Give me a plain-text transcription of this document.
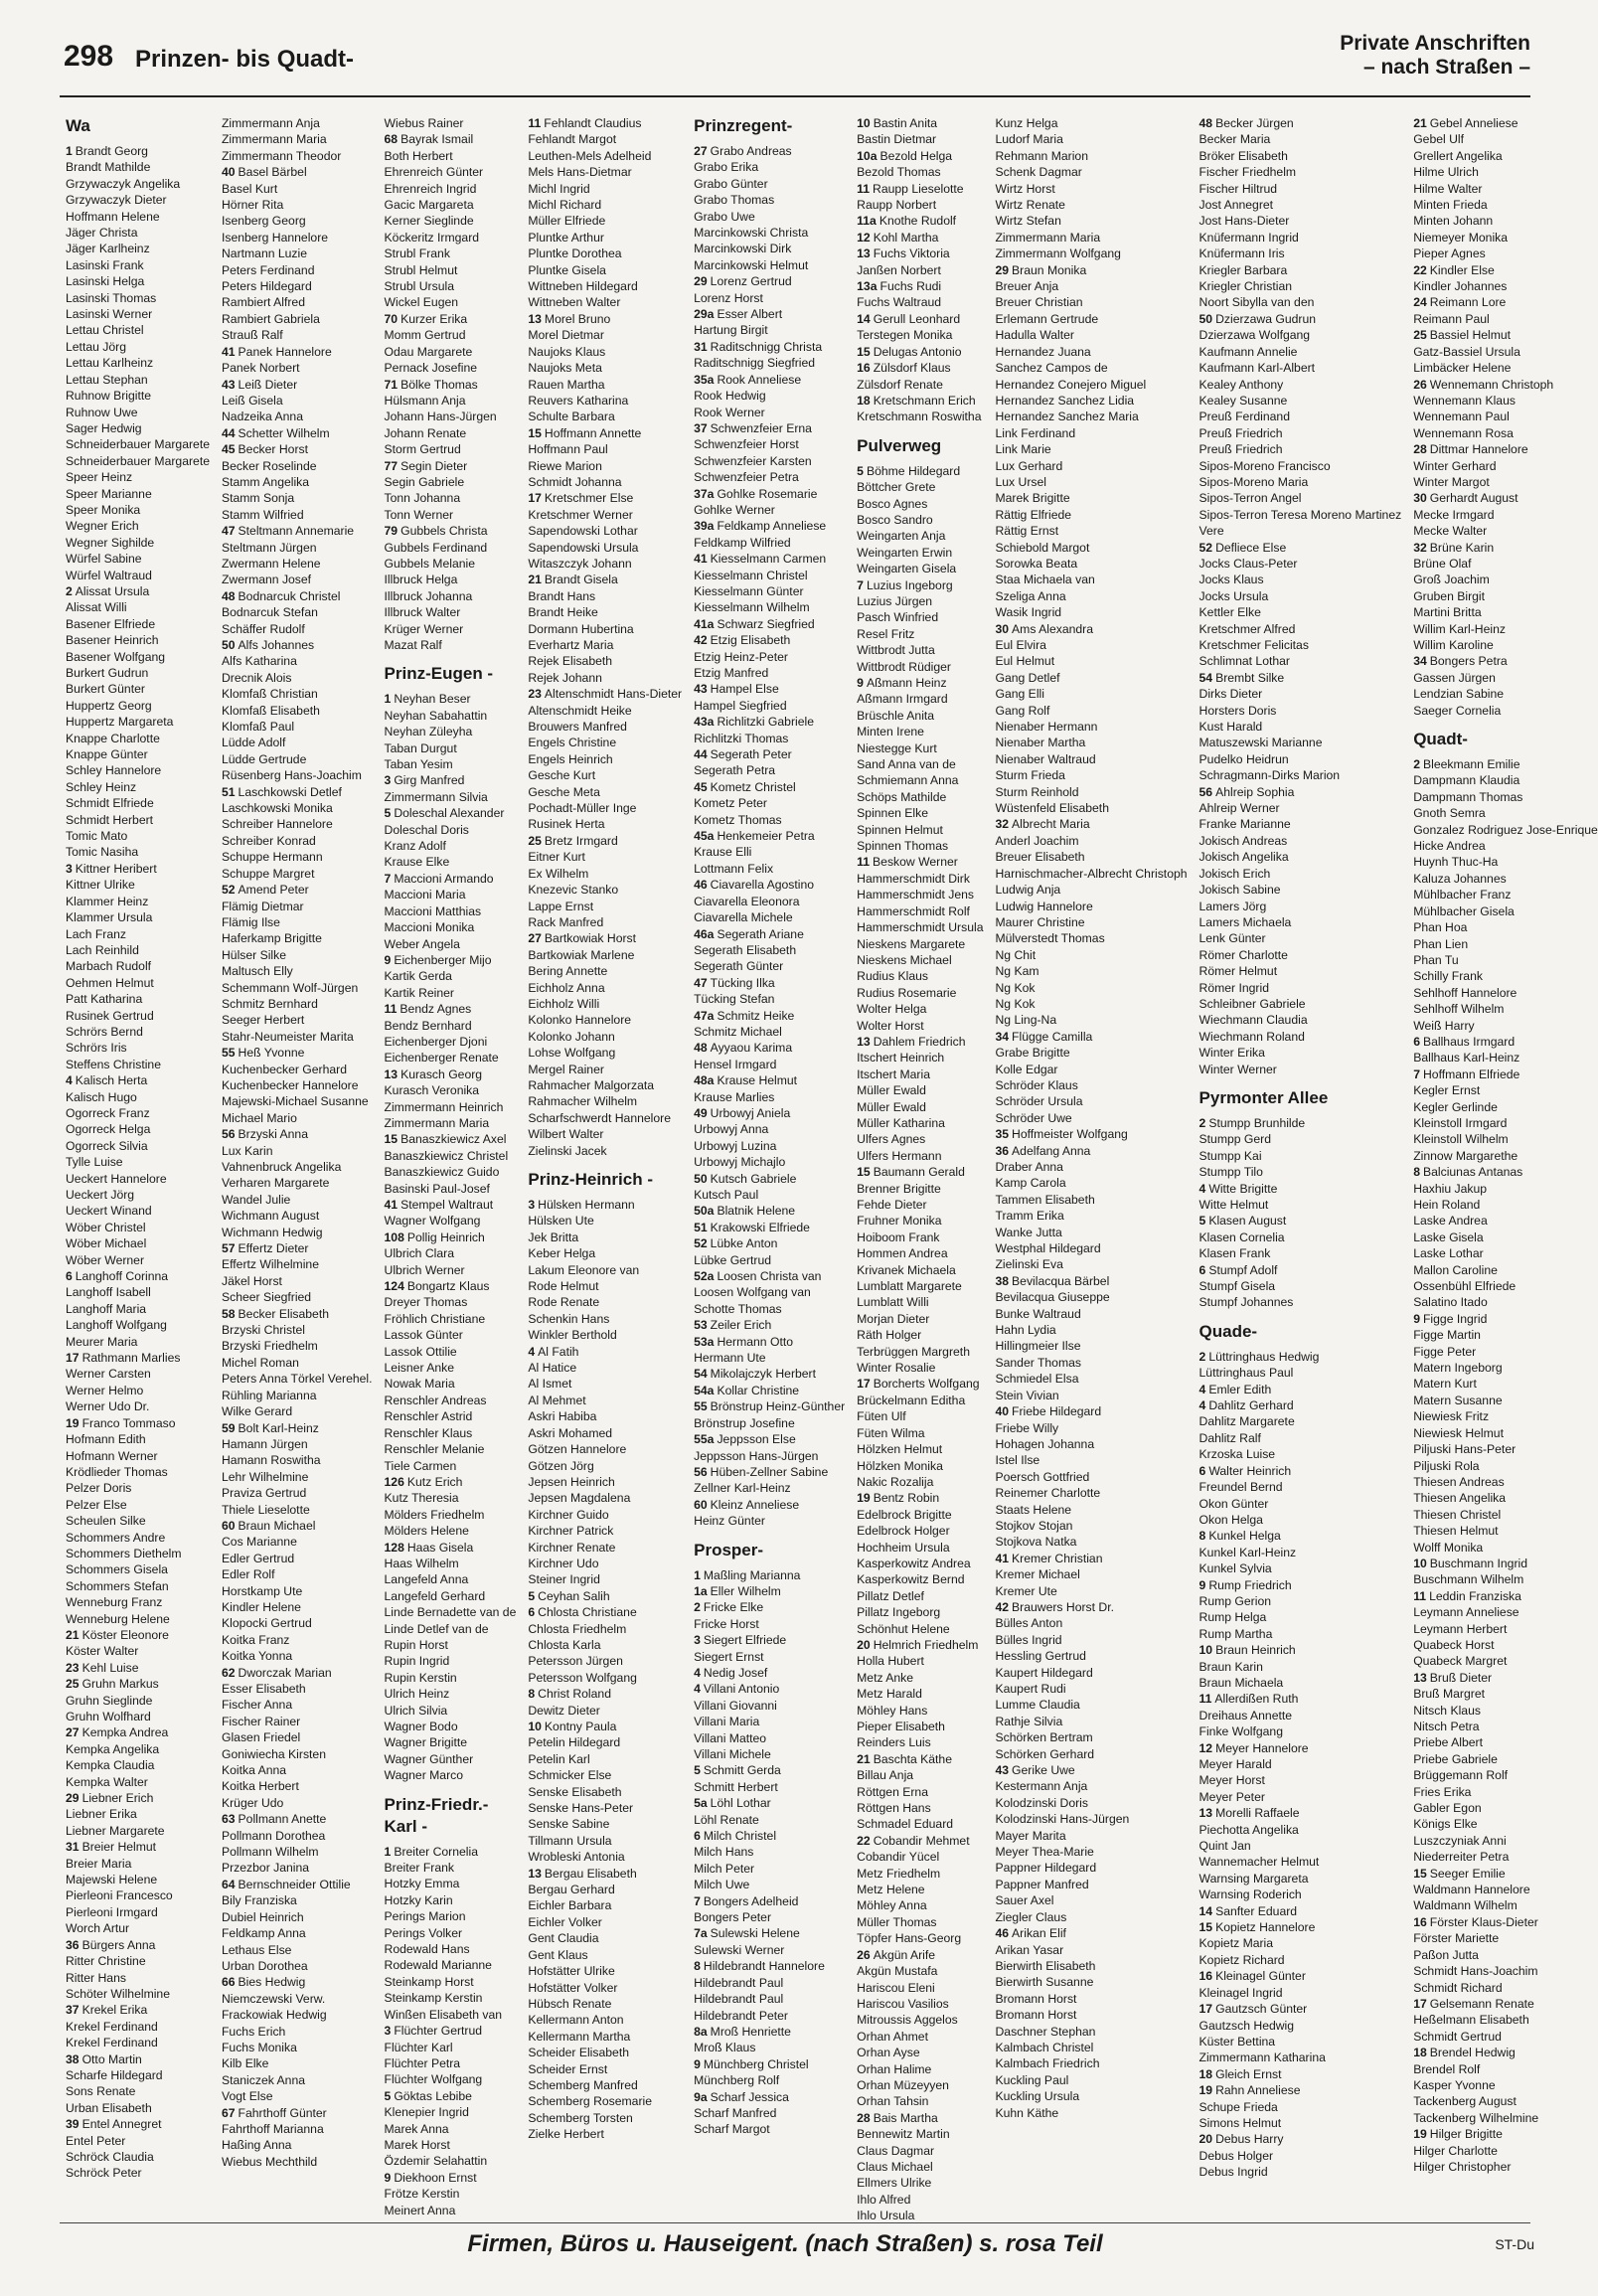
298 Prinzen- bis Quadt-
Private Anschriften
– nach Straßen –
Wa
1 Brandt Georg
Brandt Mathilde
Grzywaczyk Angelika
Grzywaczyk Dieter
Hoffmann Helene
Jäger Christa
Jäger Karlheinz
Lasinski Frank
Lasinski Helga
Lasinski Thomas
Lasinski Werner
Lettau Christel
Lettau Jörg
Lettau Karlheinz
Lettau Stephan
Ruhnow Brigitte
Ruhnow Uwe
Sager Hedwig
Schneiderbauer Margarete
Schneiderbauer Margarete
Speer Heinz
Speer Marianne
Speer Monika
Wegner Erich
Wegner Sighilde
Würfel Sabine
Würfel Waltraud
2 Alissat Ursula
Alissat Willi
Basener Elfriede
Basener Heinrich
Basener Wolfgang
Burkert Gudrun
Burkert Günter
Huppertz Georg
Huppertz Margareta
Knappe Charlotte
Knappe Günter
Schley Hannelore
Schley Heinz
Schmidt Elfriede
Schmidt Herbert
Tomic Mato
Tomic Nasiha
3 Kittner Heribert
Kittner Ulrike
Klammer Heinz
Klammer Ursula
Lach Franz
Lach Reinhild
Marbach Rudolf
Oehmen Helmut
Patt Katharina
Rusinek Gertrud
Schrörs Bernd
Schrörs Iris
Steffens Christine
4 Kalisch Herta
Kalisch Hugo
Ogorreck Franz
Ogorreck Helga
Ogorreck Silvia
Tylle Luise
Ueckert Hannelore
Ueckert Jörg
Ueckert Winand
Wöber Christel
Wöber Michael
Wöber Werner
6 Langhoff Corinna
Langhoff Isabell
Langhoff Maria
Langhoff Wolfgang
Meurer Maria
17 Rathmann Marlies
Werner Carsten
Werner Helmo
Werner Udo Dr.
19 Franco Tommaso
Hofmann Edith
Hofmann Werner
Krödlieder Thomas
Pelzer Doris
Pelzer Else
Scheulen Silke
Schommers Andre
Schommers Diethelm
Schommers Gisela
Schommers Stefan
Wenneburg Franz
Wenneburg Helene
21 Köster Eleonore
Köster Walter
23 Kehl Luise
25 Gruhn Markus
Gruhn Sieglinde
Gruhn Wolfhard
27 Kempka Andrea
Kempka Angelika
Kempka Claudia
Kempka Walter
29 Liebner Erich
Liebner Erika
Liebner Margarete
31 Breier Helmut
Breier Maria
Majewski Helene
Pierleoni Francesco
Pierleoni Irmgard
Worch Artur
36 Bürgers Anna
Ritter Christine
Ritter Hans
Schöter Wilhelmine
37 Krekel Erika
Krekel Ferdinand
Krekel Ferdinand
38 Otto Martin
Scharfe Hildegard
Sons Renate
Urban Elisabeth
39 Entel Annegret
Entel Peter
Schröck Claudia
Schröck Peter
Zimmermann Anja
Zimmermann Maria
Zimmermann Theodor
40 Basel Bärbel
Basel Kurt
Hörner Rita
Isenberg Georg
Isenberg Hannelore
Nartmann Luzie
Peters Ferdinand
Peters Hildegard
Rambiert Alfred
Rambiert Gabriela
Strauß Ralf
41 Panek Hannelore
Panek Norbert
43 Leiß Dieter
Leiß Gisela
Nadzeika Anna
44 Schetter Wilhelm
45 Becker Horst
Becker Roselinde
Stamm Angelika
Stamm Sonja
Stamm Wilfried
47 Steltmann Annemarie
Steltmann Jürgen
Zwermann Helene
Zwermann Josef
48 Bodnarcuk Christel
Bodnarcuk Stefan
Schäffer Rudolf
50 Alfs Johannes
Alfs Katharina
Drecnik Alois
Klomfaß Christian
Klomfaß Elisabeth
Klomfaß Paul
Lüdde Adolf
Lüdde Gertrude
Rüsenberg Hans-Joachim
51 Laschkowski Detlef
Laschkowski Monika
Schreiber Hannelore
Schreiber Konrad
Schuppe Hermann
Schuppe Margret
52 Amend Peter
Flämig Dietmar
Flämig Ilse
Haferkamp Brigitte
Hülser Silke
Maltusch Elly
Schemmann Wolf-Jürgen
Schmitz Bernhard
Seeger Herbert
Stahr-Neumeister Marita
55 Heß Yvonne
Kuchenbecker Gerhard
Kuchenbecker Hannelore
Majewski-Michael Susanne
Michael Mario
56 Brzyski Anna
Lux Karin
Vahnenbruck Angelika
Verharen Margarete
Wandel Julie
Wichmann August
Wichmann Hedwig
57 Effertz Dieter
Effertz Wilhelmine
Jäkel Horst
Scheer Siegfried
58 Becker Elisabeth
Brzyski Christel
Brzyski Friedhelm
Michel Roman
Peters Anna Törkel Verehel.
Rühling Marianna
Wilke Gerard
59 Bolt Karl-Heinz
Hamann Jürgen
Hamann Roswitha
Lehr Wilhelmine
Praviza Gertrud
Thiele Lieselotte
60 Braun Michael
Cos Marianne
Edler Gertrud
Edler Rolf
Horstkamp Ute
Kindler Helene
Klopocki Gertrud
Koitka Franz
Koitka Yonna
62 Dworczak Marian
Esser Elisabeth
Fischer Anna
Fischer Rainer
Glasen Friedel
Goniwiecha Kirsten
Koitka Anna
Koitka Herbert
Krüger Udo
63 Pollmann Anette
Pollmann Dorothea
Pollmann Wilhelm
Przezbor Janina
64 Bernschneider Ottilie
Bily Franziska
Dubiel Heinrich
Feldkamp Anna
Lethaus Else
Urban Dorothea
66 Bies Hedwig
Niemczewski Verw.
Frackowiak Hedwig
Fuchs Erich
Fuchs Monika
Kilb Elke
Staniczek Anna
Vogt Else
67 Fahrthoff Günter
Fahrthoff Marianna
Haßing Anna
Wiebus Mechthild
Wiebus Rainer
68 Bayrak Ismail
Both Herbert
Ehrenreich Günter
Ehrenreich Ingrid
Gacic Margareta
Kerner Sieglinde
Köckeritz Irmgard
Strubl Frank
Strubl Helmut
Strubl Ursula
Wickel Eugen
70 Kurzer Erika
Momm Gertrud
Odau Margarete
Pernack Josefine
71 Bölke Thomas
Hülsmann Anja
Johann Hans-Jürgen
Johann Renate
Storm Gertrud
77 Segin Dieter
Segin Gabriele
Tonn Johanna
Tonn Werner
79 Gubbels Christa
Gubbels Ferdinand
Gubbels Melanie
Illbruck Helga
Illbruck Johanna
Illbruck Walter
Krüger Werner
Mazat Ralf
Prinz-Eugen -
1 Neyhan Beser
Neyhan Sabahattin
Neyhan Züleyha
Taban Durgut
Taban Yesim
3 Girg Manfred
Zimmermann Silvia
5 Doleschal Alexander
Doleschal Doris
Kranz Adolf
Krause Elke
7 Maccioni Armando
Maccioni Maria
Maccioni Matthias
Maccioni Monika
Weber Angela
9 Eichenberger Mijo
Kartik Gerda
Kartik Reiner
11 Bendz Agnes
Bendz Bernhard
Eichenberger Djoni
Eichenberger Renate
13 Kurasch Georg
Kurasch Veronika
Zimmermann Heinrich
Zimmermann Maria
15 Banaszkiewicz Axel
Banaszkiewicz Christel
Banaszkiewicz Guido
Basinski Paul-Josef
41 Stempel Waltraut
Wagner Wolfgang
108 Pollig Heinrich
Ulbrich Clara
Ulbrich Werner
124 Bongartz Klaus
Dreyer Thomas
Fröhlich Christiane
Lassok Günter
Lassok Ottilie
Leisner Anke
Nowak Maria
Renschler Andreas
Renschler Astrid
Renschler Klaus
Renschler Melanie
Tiele Carmen
126 Kutz Erich
Kutz Theresia
Mölders Friedhelm
Mölders Helene
128 Haas Gisela
Haas Wilhelm
Langefeld Anna
Langefeld Gerhard
Linde Bernadette van de
Linde Detlef van de
Rupin Horst
Rupin Ingrid
Rupin Kerstin
Ulrich Heinz
Ulrich Silvia
Wagner Bodo
Wagner Brigitte
Wagner Günther
Wagner Marco
Prinz-Friedr.-Karl -
1 Breiter Cornelia
Breiter Frank
Hotzky Emma
Hotzky Karin
Perings Marion
Perings Volker
Rodewald Hans
Rodewald Marianne
Steinkamp Horst
Steinkamp Kerstin
Winßen Elisabeth van
3 Flüchter Gertrud
Flüchter Karl
Flüchter Petra
Flüchter Wolfgang
5 Göktas Lebibe
Klenepier Ingrid
Marek Anna
Marek Horst
Özdemir Selahattin
9 Diekhoon Ernst
Frötze Kerstin
Meinert Anna
11 Fehlandt Claudius
Fehlandt Margot
Leuthen-Mels Adelheid
Mels Hans-Dietmar
Michl Ingrid
Michl Richard
Müller Elfriede
Pluntke Arthur
Pluntke Dorothea
Pluntke Gisela
Wittneben Hildegard
Wittneben Walter
13 Morel Bruno
Morel Dietmar
Naujoks Klaus
Naujoks Meta
Rauen Martha
Reuvers Katharina
Schulte Barbara
15 Hoffmann Annette
Hoffmann Paul
Riewe Marion
Schmidt Johanna
17 Kretschmer Else
Kretschmer Werner
Sapendowski Lothar
Sapendowski Ursula
Witaszczyk Johann
21 Brandt Gisela
Brandt Hans
Brandt Heike
Dormann Hubertina
Everhartz Maria
Rejek Elisabeth
Rejek Johann
23 Altenschmidt Hans-Dieter
Altenschmidt Heike
Brouwers Manfred
Engels Christine
Engels Heinrich
Gesche Kurt
Gesche Meta
Pochadt-Müller Inge
Rusinek Herta
25 Bretz Irmgard
Eitner Kurt
Ex Wilhelm
Knezevic Stanko
Lappe Ernst
Rack Manfred
27 Bartkowiak Horst
Bartkowiak Marlene
Bering Annette
Eichholz Anna
Eichholz Willi
Kolonko Hannelore
Kolonko Johann
Lohse Wolfgang
Mergel Rainer
Rahmacher Malgorzata
Rahmacher Wilhelm
Scharfschwerdt Hannelore
Wilbert Walter
Zielinski Jacek
Prinz-Heinrich -
3 Hülsken Hermann
Hülsken Ute
Jek Britta
Keber Helga
Lakum Eleonore van
Rode Helmut
Rode Renate
Schenkin Hans
Winkler Berthold
4 Al Fatih
Al Hatice
Al Ismet
Al Mehmet
Askri Habiba
Askri Mohamed
Götzen Hannelore
Götzen Jörg
Jepsen Heinrich
Jepsen Magdalena
Kirchner Guido
Kirchner Patrick
Kirchner Renate
Kirchner Udo
Steiner Ingrid
5 Ceyhan Salih
6 Chlosta Christiane
Chlosta Friedhelm
Chlosta Karla
Petersson Jürgen
Petersson Wolfgang
8 Christ Roland
Dewitz Dieter
10 Kontny Paula
Petelin Hildegard
Petelin Karl
Schmicker Else
Senske Elisabeth
Senske Hans-Peter
Senske Sabine
Tillmann Ursula
Wrobleski Antonia
13 Bergau Elisabeth
Bergau Gerhard
Eichler Barbara
Eichler Volker
Gent Claudia
Gent Klaus
Hofstätter Ulrike
Hofstätter Volker
Hübsch Renate
Kellermann Anton
Kellermann Martha
Scheider Elisabeth
Scheider Ernst
Schemberg Manfred
Schemberg Rosemarie
Schemberg Torsten
Zielke Herbert
Prinzregent-
27 Grabo Andreas
Grabo Erika
Grabo Günter
Grabo Thomas
Grabo Uwe
Marcinkowski Christa
Marcinkowski Dirk
Marcinkowski Helmut
29 Lorenz Gertrud
Lorenz Horst
29a Esser Albert
Hartung Birgit
31 Raditschnigg Christa
Raditschnigg Siegfried
35a Rook Anneliese
Rook Hedwig
Rook Werner
37 Schwenzfeier Erna
Schwenzfeier Horst
Schwenzfeier Karsten
Schwenzfeier Petra
37a Gohlke Rosemarie
Gohlke Werner
39a Feldkamp Anneliese
Feldkamp Wilfried
41 Kiesselmann Carmen
Kiesselmann Christel
Kiesselmann Günter
Kiesselmann Wilhelm
41a Schwarz Siegfried
42 Etzig Elisabeth
Etzig Heinz-Peter
Etzig Manfred
43 Hampel Else
Hampel Siegfried
43a Richlitzki Gabriele
Richlitzki Thomas
44 Segerath Peter
Segerath Petra
45 Kometz Christel
Kometz Peter
Kometz Thomas
45a Henkemeier Petra
Krause Elli
Lottmann Felix
46 Ciavarella Agostino
Ciavarella Eleonora
Ciavarella Michele
46a Segerath Ariane
Segerath Elisabeth
Segerath Günter
47 Tücking Ilka
Tücking Stefan
47a Schmitz Heike
Schmitz Michael
48 Ayyaou Karima
Hensel Irmgard
48a Krause Helmut
Krause Marlies
49 Urbowyj Aniela
Urbowyj Anna
Urbowyj Luzina
Urbowyj Michajlo
50 Kutsch Gabriele
Kutsch Paul
50a Blatnik Helene
51 Krakowski Elfriede
52 Lübke Anton
Lübke Gertrud
52a Loosen Christa van
Loosen Wolfgang van
Schotte Thomas
53 Zeiler Erich
53a Hermann Otto
Hermann Ute
54 Mikolajczyk Herbert
54a Kollar Christine
55 Brönstrup Heinz-Günther
Brönstrup Josefine
55a Jeppsson Else
Jeppsson Hans-Jürgen
56 Hüben-Zellner Sabine
Zellner Karl-Heinz
60 Kleinz Anneliese
Heinz Günter
Prosper-
1 Maßling Marianna
1a Eller Wilhelm
2 Fricke Elke
Fricke Horst
3 Siegert Elfriede
Siegert Ernst
4 Nedig Josef
4 Villani Antonio
Villani Giovanni
Villani Maria
Villani Matteo
Villani Michele
5 Schmitt Gerda
Schmitt Herbert
5a Löhl Lothar
Löhl Renate
6 Milch Christel
Milch Hans
Milch Peter
Milch Uwe
7 Bongers Adelheid
Bongers Peter
7a Sulewski Helene
Sulewski Werner
8 Hildebrandt Hannelore
Hildebrandt Paul
Hildebrandt Paul
Hildebrandt Peter
8a Mroß Henriette
Mroß Klaus
9 Münchberg Christel
Münchberg Rolf
9a Scharf Jessica
Scharf Manfred
Scharf Margot
10 Bastin Anita
Bastin Dietmar
10a Bezold Helga
Bezold Thomas
11 Raupp Lieselotte
Raupp Norbert
11a Knothe Rudolf
12 Kohl Martha
13 Fuchs Viktoria
Janßen Norbert
13a Fuchs Rudi
Fuchs Waltraud
14 Gerull Leonhard
Terstegen Monika
15 Delugas Antonio
16 Zülsdorf Klaus
Zülsdorf Renate
18 Kretschmann Erich
Kretschmann Roswitha
Pulverweg
5 Böhme Hildegard
Böttcher Grete
Bosco Agnes
Bosco Sandro
Weingarten Anja
Weingarten Erwin
Weingarten Gisela
7 Luzius Ingeborg
Luzius Jürgen
Pasch Winfried
Resel Fritz
Wittbrodt Jutta
Wittbrodt Rüdiger
9 Aßmann Heinz
Aßmann Irmgard
Brüschle Anita
Minten Irene
Niestegge Kurt
Sand Anna van de
Schmiemann Anna
Schöps Mathilde
Spinnen Elke
Spinnen Helmut
Spinnen Thomas
11 Beskow Werner
Hammerschmidt Dirk
Hammerschmidt Jens
Hammerschmidt Rolf
Hammerschmidt Ursula
Nieskens Margarete
Nieskens Michael
Rudius Klaus
Rudius Rosemarie
Wolter Helga
Wolter Horst
13 Dahlem Friedrich
Itschert Heinrich
Itschert Maria
Müller Ewald
Müller Ewald
Müller Katharina
Ulfers Agnes
Ulfers Hermann
15 Baumann Gerald
Brenner Brigitte
Fehde Dieter
Fruhner Monika
Hoiboom Frank
Hommen Andrea
Krivanek Michaela
Lumblatt Margarete
Lumblatt Willi
Morjan Dieter
Räth Holger
Terbrüggen Margreth
Winter Rosalie
17 Borcherts Wolfgang
Brückelmann Editha
Füten Ulf
Füten Wilma
Hölzken Helmut
Hölzken Monika
Nakic Rozalija
19 Bentz Robin
Edelbrock Brigitte
Edelbrock Holger
Hochheim Ursula
Kasperkowitz Andrea
Kasperkowitz Bernd
Pillatz Detlef
Pillatz Ingeborg
Schönhut Helene
20 Helmrich Friedhelm
Holla Hubert
Metz Anke
Metz Harald
Möhley Hans
Pieper Elisabeth
Reinders Luis
21 Baschta Käthe
Billau Anja
Röttgen Erna
Röttgen Hans
Schmadel Eduard
22 Cobandir Mehmet
Cobandir Yücel
Metz Friedhelm
Metz Helene
Möhley Anna
Müller Thomas
Töpfer Hans-Georg
26 Akgün Arife
Akgün Mustafa
Hariscou Eleni
Hariscou Vasilios
Mitroussis Aggelos
Orhan Ahmet
Orhan Ayse
Orhan Halime
Orhan Müzeyyen
Orhan Tahsin
28 Bais Martha
Bennewitz Martin
Claus Dagmar
Claus Michael
Ellmers Ulrike
Ihlo Alfred
Ihlo Ursula
Kunz Helga
Ludorf Maria
Rehmann Marion
Schenk Dagmar
Wirtz Horst
Wirtz Renate
Wirtz Stefan
Zimmermann Maria
Zimmermann Wolfgang
29 Braun Monika
Breuer Anja
Breuer Christian
Erlemann Gertrude
Hadulla Walter
Hernandez Juana
Sanchez Campos de
Hernandez Conejero Miguel
Hernandez Sanchez Lidia
Hernandez Sanchez Maria
Link Ferdinand
Link Marie
Lux Gerhard
Lux Ursel
Marek Brigitte
Rättig Elfriede
Rättig Ernst
Schiebold Margot
Sorowka Beata
Staa Michaela van
Szeliga Anna
Wasik Ingrid
30 Ams Alexandra
Eul Elvira
Eul Helmut
Gang Detlef
Gang Elli
Gang Rolf
Nienaber Hermann
Nienaber Martha
Nienaber Waltraud
Sturm Frieda
Sturm Reinhold
Wüstenfeld Elisabeth
32 Albrecht Maria
Anderl Joachim
Breuer Elisabeth
Harnischmacher-Albrecht Christoph
Ludwig Anja
Ludwig Hannelore
Maurer Christine
Mülverstedt Thomas
Ng Chit
Ng Kam
Ng Kok
Ng Kok
Ng Ling-Na
34 Flügge Camilla
Grabe Brigitte
Kolle Edgar
Schröder Klaus
Schröder Ursula
Schröder Uwe
35 Hoffmeister Wolfgang
36 Adelfang Anna
Draber Anna
Kamp Carola
Tammen Elisabeth
Tramm Erika
Wanke Jutta
Westphal Hildegard
Zielinski Eva
38 Bevilacqua Bärbel
Bevilacqua Giuseppe
Bunke Waltraud
Hahn Lydia
Hillingmeier Ilse
Sander Thomas
Schmiedel Elsa
Stein Vivian
40 Friebe Hildegard
Friebe Willy
Hohagen Johanna
Istel Ilse
Poersch Gottfried
Reinemer Charlotte
Staats Helene
Stojkov Stojan
Stojkova Natka
41 Kremer Christian
Kremer Michael
Kremer Ute
42 Brauwers Horst Dr.
Bülles Anton
Bülles Ingrid
Hessling Gertrud
Kaupert Hildegard
Kaupert Rudi
Lumme Claudia
Rathje Silvia
Schörken Bertram
Schörken Gerhard
43 Gerike Uwe
Kestermann Anja
Kolodzinski Doris
Kolodzinski Hans-Jürgen
Mayer Marita
Meyer Thea-Marie
Pappner Hildegard
Pappner Manfred
Sauer Axel
Ziegler Claus
46 Arikan Elif
Arikan Yasar
Bierwirth Elisabeth
Bierwirth Susanne
Bromann Horst
Bromann Horst
Daschner Stephan
Kalmbach Christel
Kalmbach Friedrich
Kuckling Paul
Kuckling Ursula
Kuhn Käthe
48 Becker Jürgen
Becker Maria
Bröker Elisabeth
Fischer Friedhelm
Fischer Hiltrud
Jost Annegret
Jost Hans-Dieter
Knüfermann Ingrid
Knüfermann Iris
Kriegler Barbara
Kriegler Christian
Noort Sibylla van den
50 Dzierzawa Gudrun
Dzierzawa Wolfgang
Kaufmann Annelie
Kaufmann Karl-Albert
Kealey Anthony
Kealey Susanne
Preuß Ferdinand
Preuß Friedrich
Preuß Friedrich
Sipos-Moreno Francisco
Sipos-Moreno Maria
Sipos-Terron Angel
Sipos-Terron Teresa Moreno Martinez
Vere
52 Defliece Else
Jocks Claus-Peter
Jocks Klaus
Jocks Ursula
Kettler Elke
Kretschmer Alfred
Kretschmer Felicitas
Schlimnat Lothar
54 Brembt Silke
Dirks Dieter
Horsters Doris
Kust Harald
Matuszewski Marianne
Pudelko Heidrun
Schragmann-Dirks Marion
56 Ahlreip Sophia
Ahlreip Werner
Franke Marianne
Jokisch Andreas
Jokisch Angelika
Jokisch Erich
Jokisch Sabine
Lamers Jörg
Lamers Michaela
Lenk Günter
Römer Charlotte
Römer Helmut
Römer Ingrid
Schleibner Gabriele
Wiechmann Claudia
Wiechmann Roland
Winter Erika
Winter Werner
Pyrmonter Allee
2 Stumpp Brunhilde
Stumpp Gerd
Stumpp Kai
Stumpp Tilo
4 Witte Brigitte
Witte Helmut
5 Klasen August
Klasen Cornelia
Klasen Frank
6 Stumpf Adolf
Stumpf Gisela
Stumpf Johannes
Quade-
2 Lüttringhaus Hedwig
Lüttringhaus Paul
4 Emler Edith
4 Dahlitz Gerhard
Dahlitz Margarete
Dahlitz Ralf
Krzoska Luise
6 Walter Heinrich
Freundel Bernd
Okon Günter
Okon Helga
8 Kunkel Helga
Kunkel Karl-Heinz
Kunkel Sylvia
9 Rump Friedrich
Rump Gerion
Rump Helga
Rump Martha
10 Braun Heinrich
Braun Karin
Braun Michaela
11 Allerdißen Ruth
Dreihaus Annette
Finke Wolfgang
12 Meyer Hannelore
Meyer Harald
Meyer Horst
Meyer Peter
13 Morelli Raffaele
Piechotta Angelika
Quint Jan
Wannemacher Helmut
Warnsing Margareta
Warnsing Roderich
14 Sanfter Eduard
15 Kopietz Hannelore
Kopietz Maria
Kopietz Richard
16 Kleinagel Günter
Kleinagel Ingrid
17 Gautzsch Günter
Gautzsch Hedwig
Küster Bettina
Zimmermann Katharina
18 Gleich Ernst
19 Rahn Anneliese
Schupe Frieda
Simons Helmut
20 Debus Harry
Debus Holger
Debus Ingrid
21 Gebel Anneliese
Gebel Ulf
Grellert Angelika
Hilme Ulrich
Hilme Walter
Minten Frieda
Minten Johann
Niemeyer Monika
Pieper Agnes
22 Kindler Else
Kindler Johannes
24 Reimann Lore
Reimann Paul
25 Bassiel Helmut
Gatz-Bassiel Ursula
Limbäcker Helene
26 Wennemann Christoph
Wennemann Klaus
Wennemann Paul
Wennemann Rosa
28 Dittmar Hannelore
Winter Gerhard
Winter Margot
30 Gerhardt August
Mecke Irmgard
Mecke Walter
32 Brüne Karin
Brüne Olaf
Groß Joachim
Gruben Birgit
Martini Britta
Willim Karl-Heinz
Willim Karoline
34 Bongers Petra
Gassen Jürgen
Lendzian Sabine
Saeger Cornelia
Quadt-
2 Bleekmann Emilie
Dampmann Klaudia
Dampmann Thomas
Gnoth Semra
Gonzalez Rodriguez Jose-Enrique
Hicke Andrea
Huynh Thuc-Ha
Kaluza Johannes
Mühlbacher Franz
Mühlbacher Gisela
Phan Hoa
Phan Lien
Phan Tu
Schilly Frank
Sehlhoff Hannelore
Sehlhoff Wilhelm
Weiß Harry
6 Ballhaus Irmgard
Ballhaus Karl-Heinz
7 Hoffmann Elfriede
Kegler Ernst
Kegler Gerlinde
Kleinstoll Irmgard
Kleinstoll Wilhelm
Zinnow Margarethe
8 Balciunas Antanas
Haxhiu Jakup
Hein Roland
Laske Andrea
Laske Gisela
Laske Lothar
Mallon Caroline
Ossenbühl Elfriede
Salatino Itado
9 Figge Ingrid
Figge Martin
Figge Peter
Matern Ingeborg
Matern Kurt
Matern Susanne
Niewiesk Fritz
Niewiesk Helmut
Piljuski Hans-Peter
Piljuski Rola
Thiesen Andreas
Thiesen Angelika
Thiesen Christel
Thiesen Helmut
Wolff Monika
10 Buschmann Ingrid
Buschmann Wilhelm
11 Leddin Franziska
Leymann Anneliese
Leymann Herbert
Quabeck Horst
Quabeck Margret
13 Bruß Dieter
Bruß Margret
Nitsch Klaus
Nitsch Petra
Priebe Albert
Priebe Gabriele
Brüggemann Rolf
Fries Erika
Gabler Egon
Königs Elke
Luszczyniak Anni
Niederreiter Petra
15 Seeger Emilie
Waldmann Hannelore
Waldmann Wilhelm
16 Förster Klaus-Dieter
Förster Mariette
Paßon Jutta
Schmidt Hans-Joachim
Schmidt Richard
17 Gelsemann Renate
Heßelmann Elisabeth
Schmidt Gertrud
18 Brendel Hedwig
Brendel Rolf
Kasper Yvonne
Tackenberg August
Tackenberg Wilhelmine
19 Hilger Brigitte
Hilger Charlotte
Hilger Christopher
Firmen, Büros u. Hauseigent. (nach Straßen) s. rosa Teil	ST-Du
